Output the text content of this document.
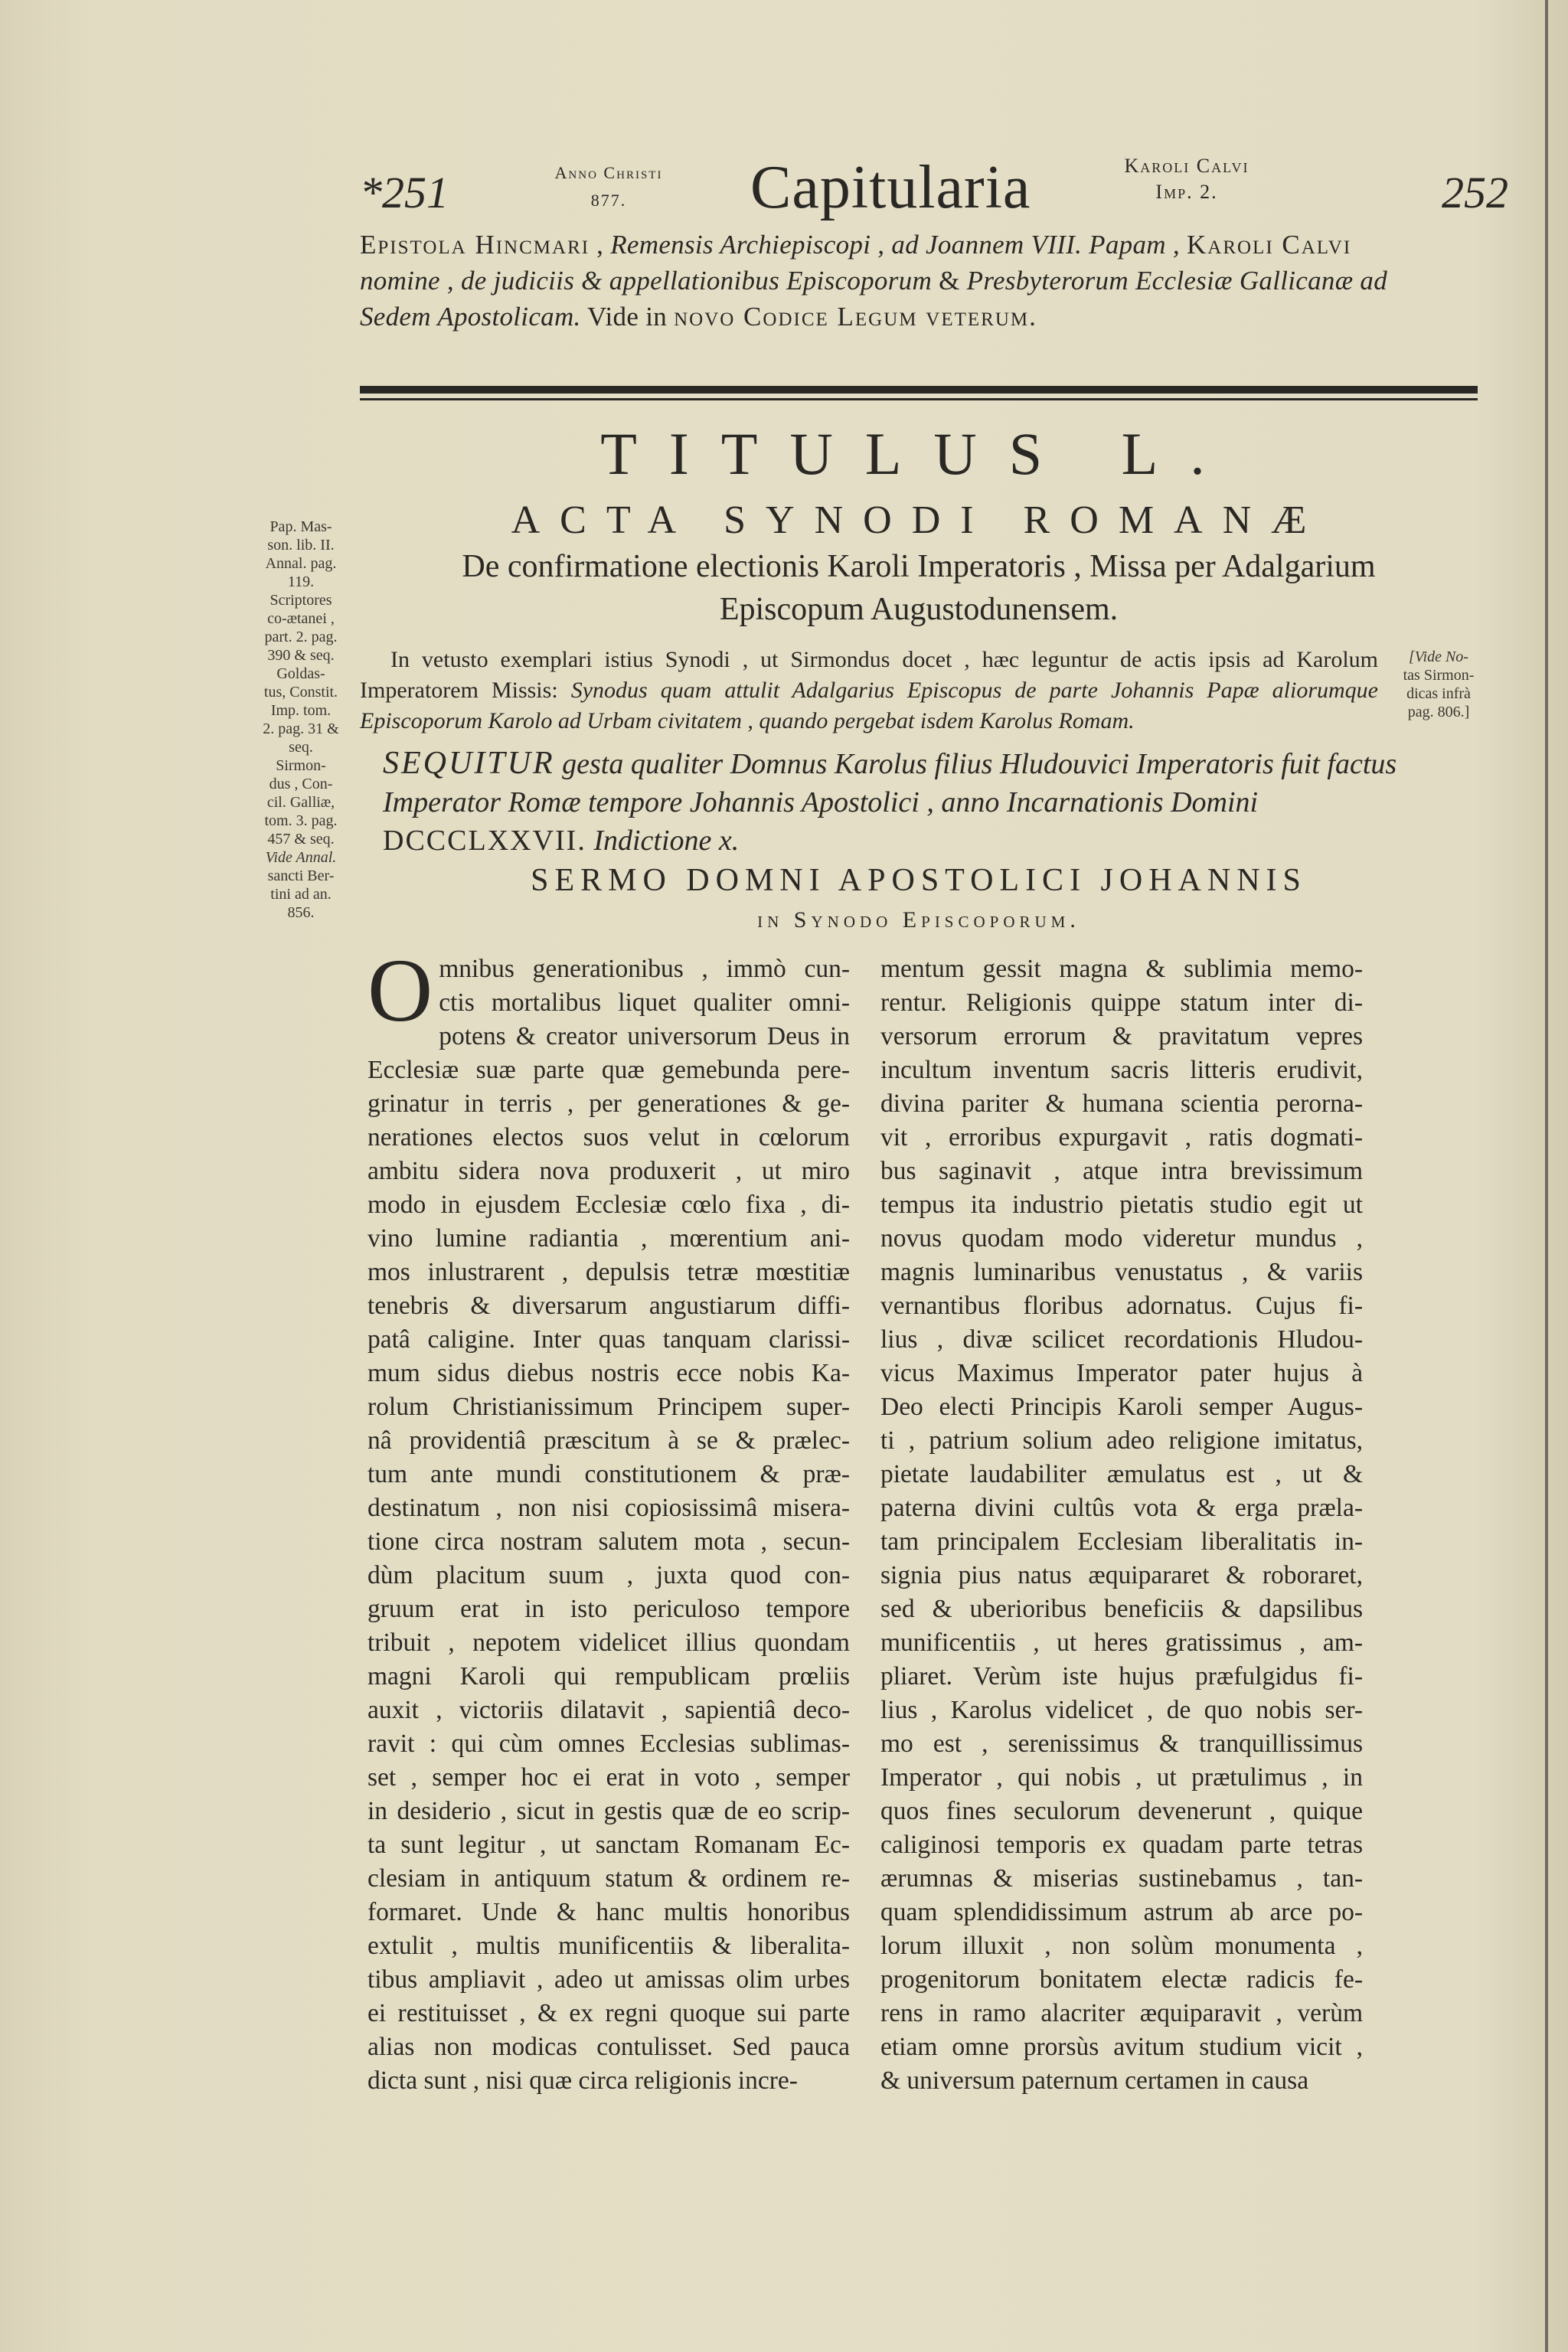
*251	Anno Christi
877.	Capitularia	Karoli Calvi
Imp. 2.	252
Epistola Hincmari , Remensis Archiepiscopi , ad Joannem VIII. Papam , Karoli Calvi nomine , de judiciis & appellationibus Episcoporum & Presbyterorum Ecclesiæ Gallicanæ ad Sedem Apostolicam. Vide in novo Codice Legum veterum.
TITULUS L.
ACTA SYNODI ROMANÆ
De confirmatione electionis Karoli Imperatoris , Missa per Adalgarium
Episcopum Augustodunensem.
Pap. Mas-
son. lib. II.
Annal. pag.
119.
Scriptores
co-ætanei ,
part. 2. pag.
390 & seq.
Goldas-
tus, Constit.
Imp. tom.
2. pag. 31 &
seq.
Sirmon-
dus , Con-
cil. Galliæ,
tom. 3. pag.
457 & seq.
Vide Annal.
sancti Ber-
tini ad an.
856.
[Vide No-
tas Sirmon-
dicas infrà
pag. 806.]
In vetusto exemplari istius Synodi , ut Sirmondus docet , hæc leguntur de actis ipsis ad Karolum Imperatorem Missis: Synodus quam attulit Adalgarius Episcopus de parte Johannis Papæ aliorumque Episcoporum Karolo ad Urbam civitatem , quando pergebat isdem Karolus Romam.
SEQUITUR gesta qualiter Domnus Karolus filius Hludouvici Imperatoris fuit factus Imperator Romæ tempore Johannis Apostolici , anno Incarnationis Domini DCCCLXXVII. Indictione x.
SERMO DOMNI APOSTOLICI JOHANNIS
in Synodo Episcoporum.
O mnibus generationibus , immò cun-
ctis mortalibus liquet qualiter omni-
potens & creator universorum Deus in
Ecclesiæ suæ parte quæ gemebunda pere-
grinatur in terris , per generationes & ge-
nerationes electos suos velut in cœlorum
ambitu sidera nova produxerit , ut miro
modo in ejusdem Ecclesiæ cœlo fixa , di-
vino lumine radiantia , mœrentium ani-
mos inlustrarent , depulsis tetræ mœstitiæ
tenebris & diversarum angustiarum diffi-
patâ caligine. Inter quas tanquam clarissi-
mum sidus diebus nostris ecce nobis Ka-
rolum Christianissimum Principem super-
nâ providentiâ præscitum à se & prælec-
tum ante mundi constitutionem & præ-
destinatum , non nisi copiosissimâ misera-
tione circa nostram salutem mota , secun-
dùm placitum suum , juxta quod con-
gruum erat in isto periculoso tempore
tribuit , nepotem videlicet illius quondam
magni Karoli qui rempublicam prœliis
auxit , victoriis dilatavit , sapientiâ deco-
ravit : qui cùm omnes Ecclesias sublimas-
set , semper hoc ei erat in voto , semper
in desiderio , sicut in gestis quæ de eo scrip-
ta sunt legitur , ut sanctam Romanam Ec-
clesiam in antiquum statum & ordinem re-
formaret. Unde & hanc multis honoribus
extulit , multis munificentiis & liberalita-
tibus ampliavit , adeo ut amissas olim urbes
ei restituisset , & ex regni quoque sui parte
alias non modicas contulisset. Sed pauca
dicta sunt , nisi quæ circa religionis incre-
mentum gessit magna & sublimia memo-
rentur. Religionis quippe statum inter di-
versorum errorum & pravitatum vepres
incultum inventum sacris litteris erudivit,
divina pariter & humana scientia perorna-
vit , erroribus expurgavit , ratis dogmati-
bus saginavit , atque intra brevissimum
tempus ita industrio pietatis studio egit ut
novus quodam modo videretur mundus ,
magnis luminaribus venustatus , & variis
vernantibus floribus adornatus. Cujus fi-
lius , divæ scilicet recordationis Hludou-
vicus Maximus Imperator pater hujus à
Deo electi Principis Karoli semper Augus-
ti , patrium solium adeo religione imitatus,
pietate laudabiliter æmulatus est , ut &
paterna divini cultûs vota & erga præla-
tam principalem Ecclesiam liberalitatis in-
signia pius natus æquipararet & roboraret,
sed & uberioribus beneficiis & dapsilibus
munificentiis , ut heres gratissimus , am-
pliaret. Verùm iste hujus præfulgidus fi-
lius , Karolus videlicet , de quo nobis ser-
mo est , serenissimus & tranquillissimus
Imperator , qui nobis , ut prætulimus , in
quos fines seculorum devenerunt , quique
caliginosi temporis ex quadam parte tetras
ærumnas & miserias sustinebamus , tan-
quam splendidissimum astrum ab arce po-
lorum illuxit , non solùm monumenta ,
progenitorum bonitatem electæ radicis fe-
rens in ramo alacriter æquiparavit , verùm
etiam omne prorsùs avitum studium vicit ,
& universum paternum certamen in causa
